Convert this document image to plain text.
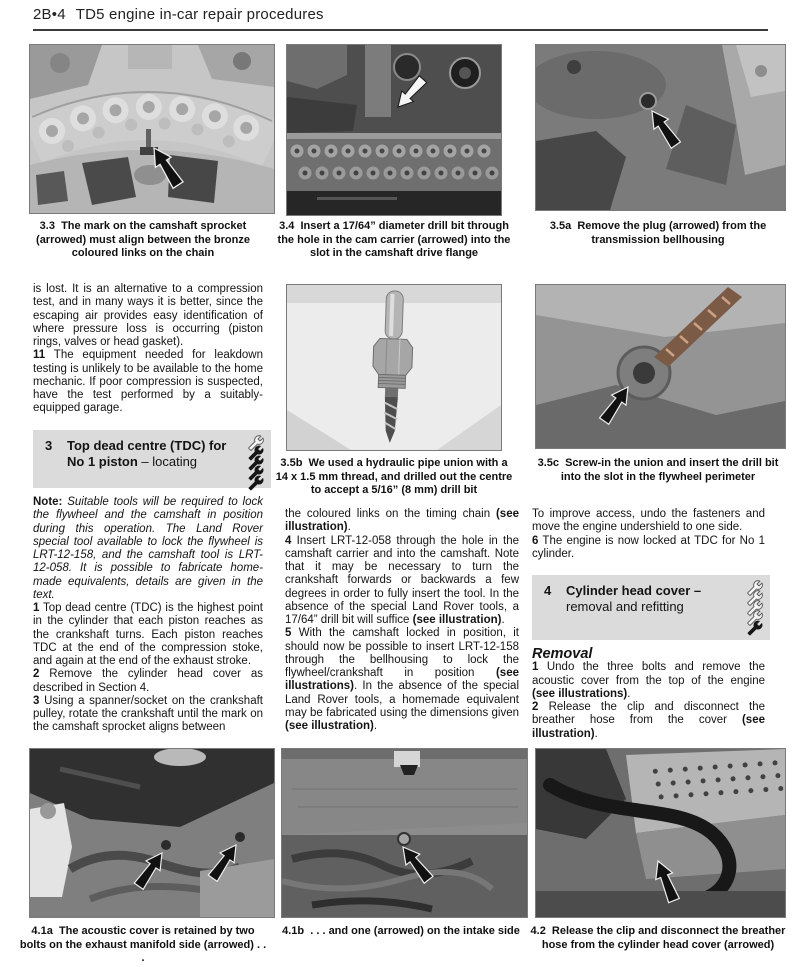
2B•4 TD5 engine in-car repair procedures
3.3  The mark on the camshaft sprocket (arrowed) must align between the bronze coloured links on the chain
3.4  Insert a 17/64” diameter drill bit through the hole in the cam carrier (arrowed) into the slot in the camshaft drive flange
3.5a  Remove the plug (arrowed) from the transmission bellhousing
3.5b  We used a hydraulic pipe union with a 14 x 1.5 mm thread, and drilled out the centre to accept a 5/16” (8 mm) drill bit
3.5c  Screw-in the union and insert the drill bit into the slot in the flywheel perimeter

is lost. It is an alternative to a compression test, and in many ways it is better, since the escaping air provides easy identification of where pressure loss is occurring (piston rings, valves or head gasket).

11 The equipment needed for leakdown testing is unlikely to be available to the home mechanic. If poor compression is suspected, have the test performed by a suitably-equipped garage.

3	Top dead centre (TDC) for No 1 piston – locating

Note: Suitable tools will be required to lock the flywheel and the camshaft in position during this operation. The Land Rover special tool available to lock the flywheel is LRT-12-158, and the camshaft tool is LRT-12-058. It is possible to fabricate home-made equivalents, details are given in the text.

1 Top dead centre (TDC) is the highest point in the cylinder that each piston reaches as the crankshaft turns. Each piston reaches TDC at the end of the compression stoke, and again at the end of the exhaust stroke.

2 Remove the cylinder head cover as described in Section 4.

3 Using a spanner/socket on the crankshaft pulley, rotate the crankshaft until the mark on the camshaft sprocket aligns between

the coloured links on the timing chain (see illustration).

4 Insert LRT-12-058 through the hole in the camshaft carrier and into the camshaft. Note that it may be necessary to turn the crankshaft forwards or backwards a few degrees in order to fully insert the tool. In the absence of the special Land Rover tools, a 17/64” drill bit will suffice (see illustration).

5 With the camshaft locked in position, it should now be possible to insert LRT-12-158 through the bellhousing to lock the flywheel/crankshaft in position (see illustrations). In the absence of the special Land Rover tools, a homemade equivalent may be fabricated using the dimensions given (see illustration).

To improve access, undo the fasteners and move the engine undershield to one side.

6 The engine is now locked at TDC for No 1 cylinder.

4	Cylinder head cover – removal and refitting

Removal

1 Undo the three bolts and remove the acoustic cover from the top of the engine (see illustrations).

2 Release the clip and disconnect the breather hose from the cover (see illustration).

4.1a  The acoustic cover is retained by two bolts on the exhaust manifold side (arrowed) . . .
4.1b  . . . and one (arrowed) on the intake side 4.2  Release the clip and disconnect the breather hose from the cylinder head cover (arrowed)
